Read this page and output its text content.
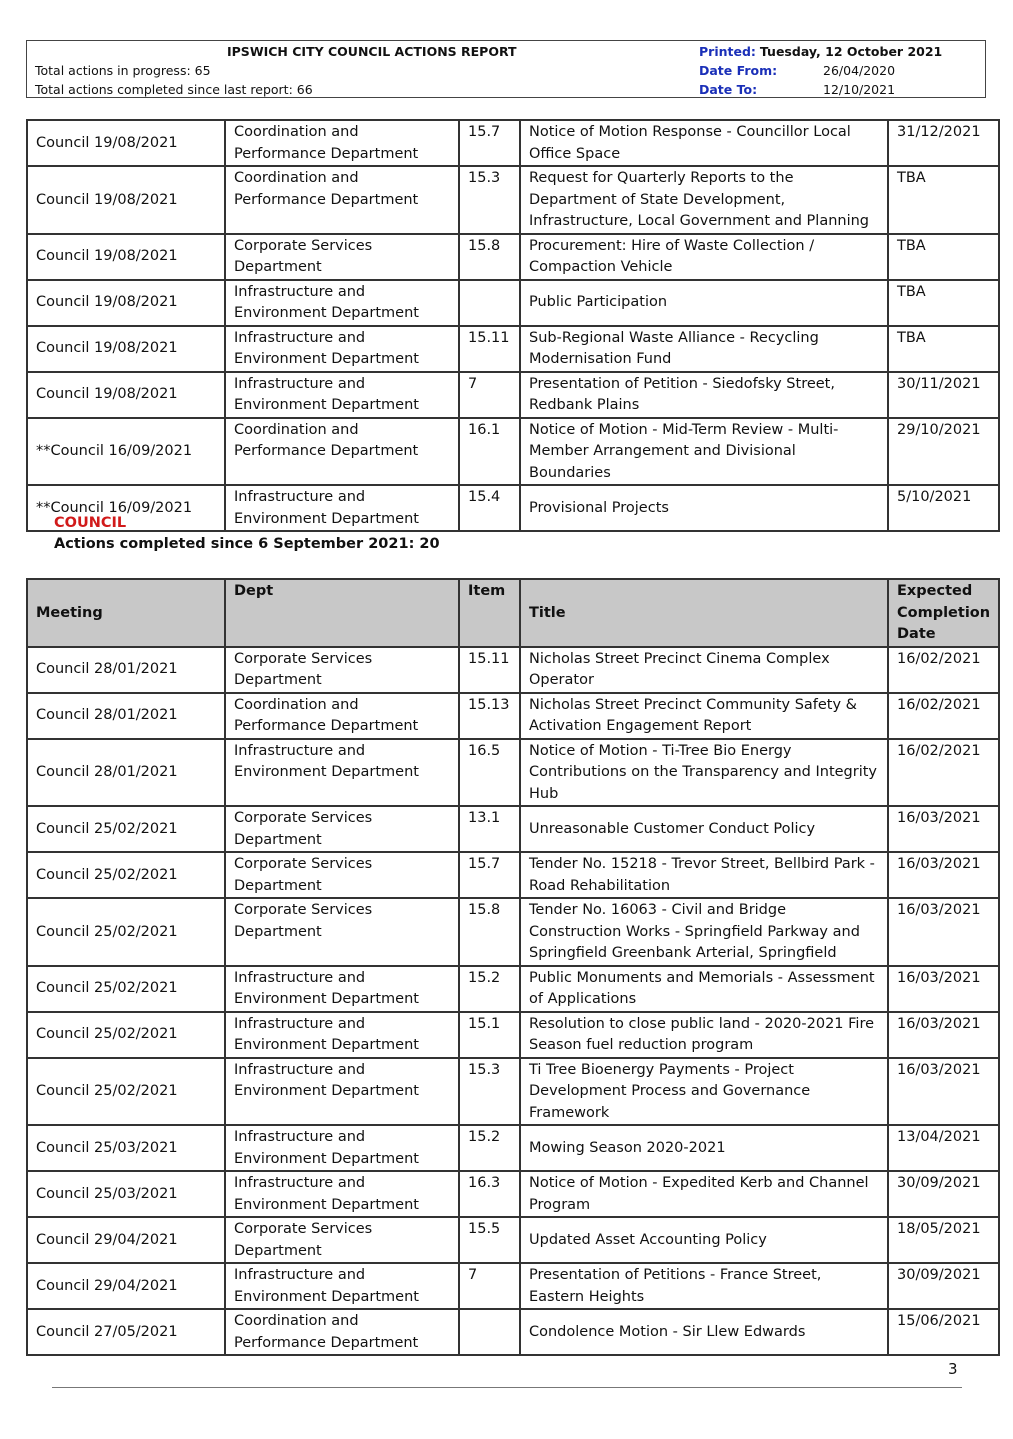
IPSWICH CITY COUNCIL ACTIONS REPORT
Total actions in progress: 65
Total actions completed since last report: 66
Printed: Tuesday, 12 October 2021
Date From:	26/04/2020
Date To:	12/10/2021
Council 19/08/2021	Coordination and Performance Department	15.7	Notice of Motion Response - Councillor Local Office Space	31/12/2021
Council 19/08/2021	Coordination and Performance Department	15.3	Request for Quarterly Reports to the Department of State Development, Infrastructure, Local Government and Planning	TBA
Council 19/08/2021	Corporate Services Department	15.8	Procurement: Hire of Waste Collection / Compaction Vehicle	TBA
Council 19/08/2021	Infrastructure and Environment Department		Public Participation	TBA
Council 19/08/2021	Infrastructure and Environment Department	15.11	Sub-Regional Waste Alliance - Recycling Modernisation Fund	TBA
Council 19/08/2021	Infrastructure and Environment Department	7	Presentation of Petition - Siedofsky Street, Redbank Plains	30/11/2021
**Council 16/09/2021	Coordination and Performance Department	16.1	Notice of Motion - Mid-Term Review - Multi-Member Arrangement and Divisional Boundaries	29/10/2021
**Council 16/09/2021	Infrastructure and Environment Department	15.4	Provisional Projects	5/10/2021
COUNCIL
Actions completed since 6 September 2021: 20
Meeting	Dept	Item	Title	Expected Completion Date
Council 28/01/2021	Corporate Services Department	15.11	Nicholas Street Precinct Cinema Complex Operator	16/02/2021
Council 28/01/2021	Coordination and Performance Department	15.13	Nicholas Street Precinct Community Safety & Activation Engagement Report	16/02/2021
Council 28/01/2021	Infrastructure and Environment Department	16.5	Notice of Motion - Ti-Tree Bio Energy Contributions on the Transparency and Integrity Hub	16/02/2021
Council 25/02/2021	Corporate Services Department	13.1	Unreasonable Customer Conduct Policy	16/03/2021
Council 25/02/2021	Corporate Services Department	15.7	Tender No. 15218 - Trevor Street, Bellbird Park - Road Rehabilitation	16/03/2021
Council 25/02/2021	Corporate Services Department	15.8	Tender No. 16063 - Civil and Bridge Construction Works - Springfield Parkway and Springfield Greenbank Arterial, Springfield	16/03/2021
Council 25/02/2021	Infrastructure and Environment Department	15.2	Public Monuments and Memorials - Assessment of Applications	16/03/2021
Council 25/02/2021	Infrastructure and Environment Department	15.1	Resolution to close public land - 2020-2021 Fire Season fuel reduction program	16/03/2021
Council 25/02/2021	Infrastructure and Environment Department	15.3	Ti Tree Bioenergy Payments - Project Development Process and Governance Framework	16/03/2021
Council 25/03/2021	Infrastructure and Environment Department	15.2	Mowing Season 2020-2021	13/04/2021
Council 25/03/2021	Infrastructure and Environment Department	16.3	Notice of Motion - Expedited Kerb and Channel Program	30/09/2021
Council 29/04/2021	Corporate Services Department	15.5	Updated Asset Accounting Policy	18/05/2021
Council 29/04/2021	Infrastructure and Environment Department	7	Presentation of Petitions - France Street, Eastern Heights	30/09/2021
Council 27/05/2021	Coordination and Performance Department		Condolence Motion - Sir Llew Edwards	15/06/2021
3
